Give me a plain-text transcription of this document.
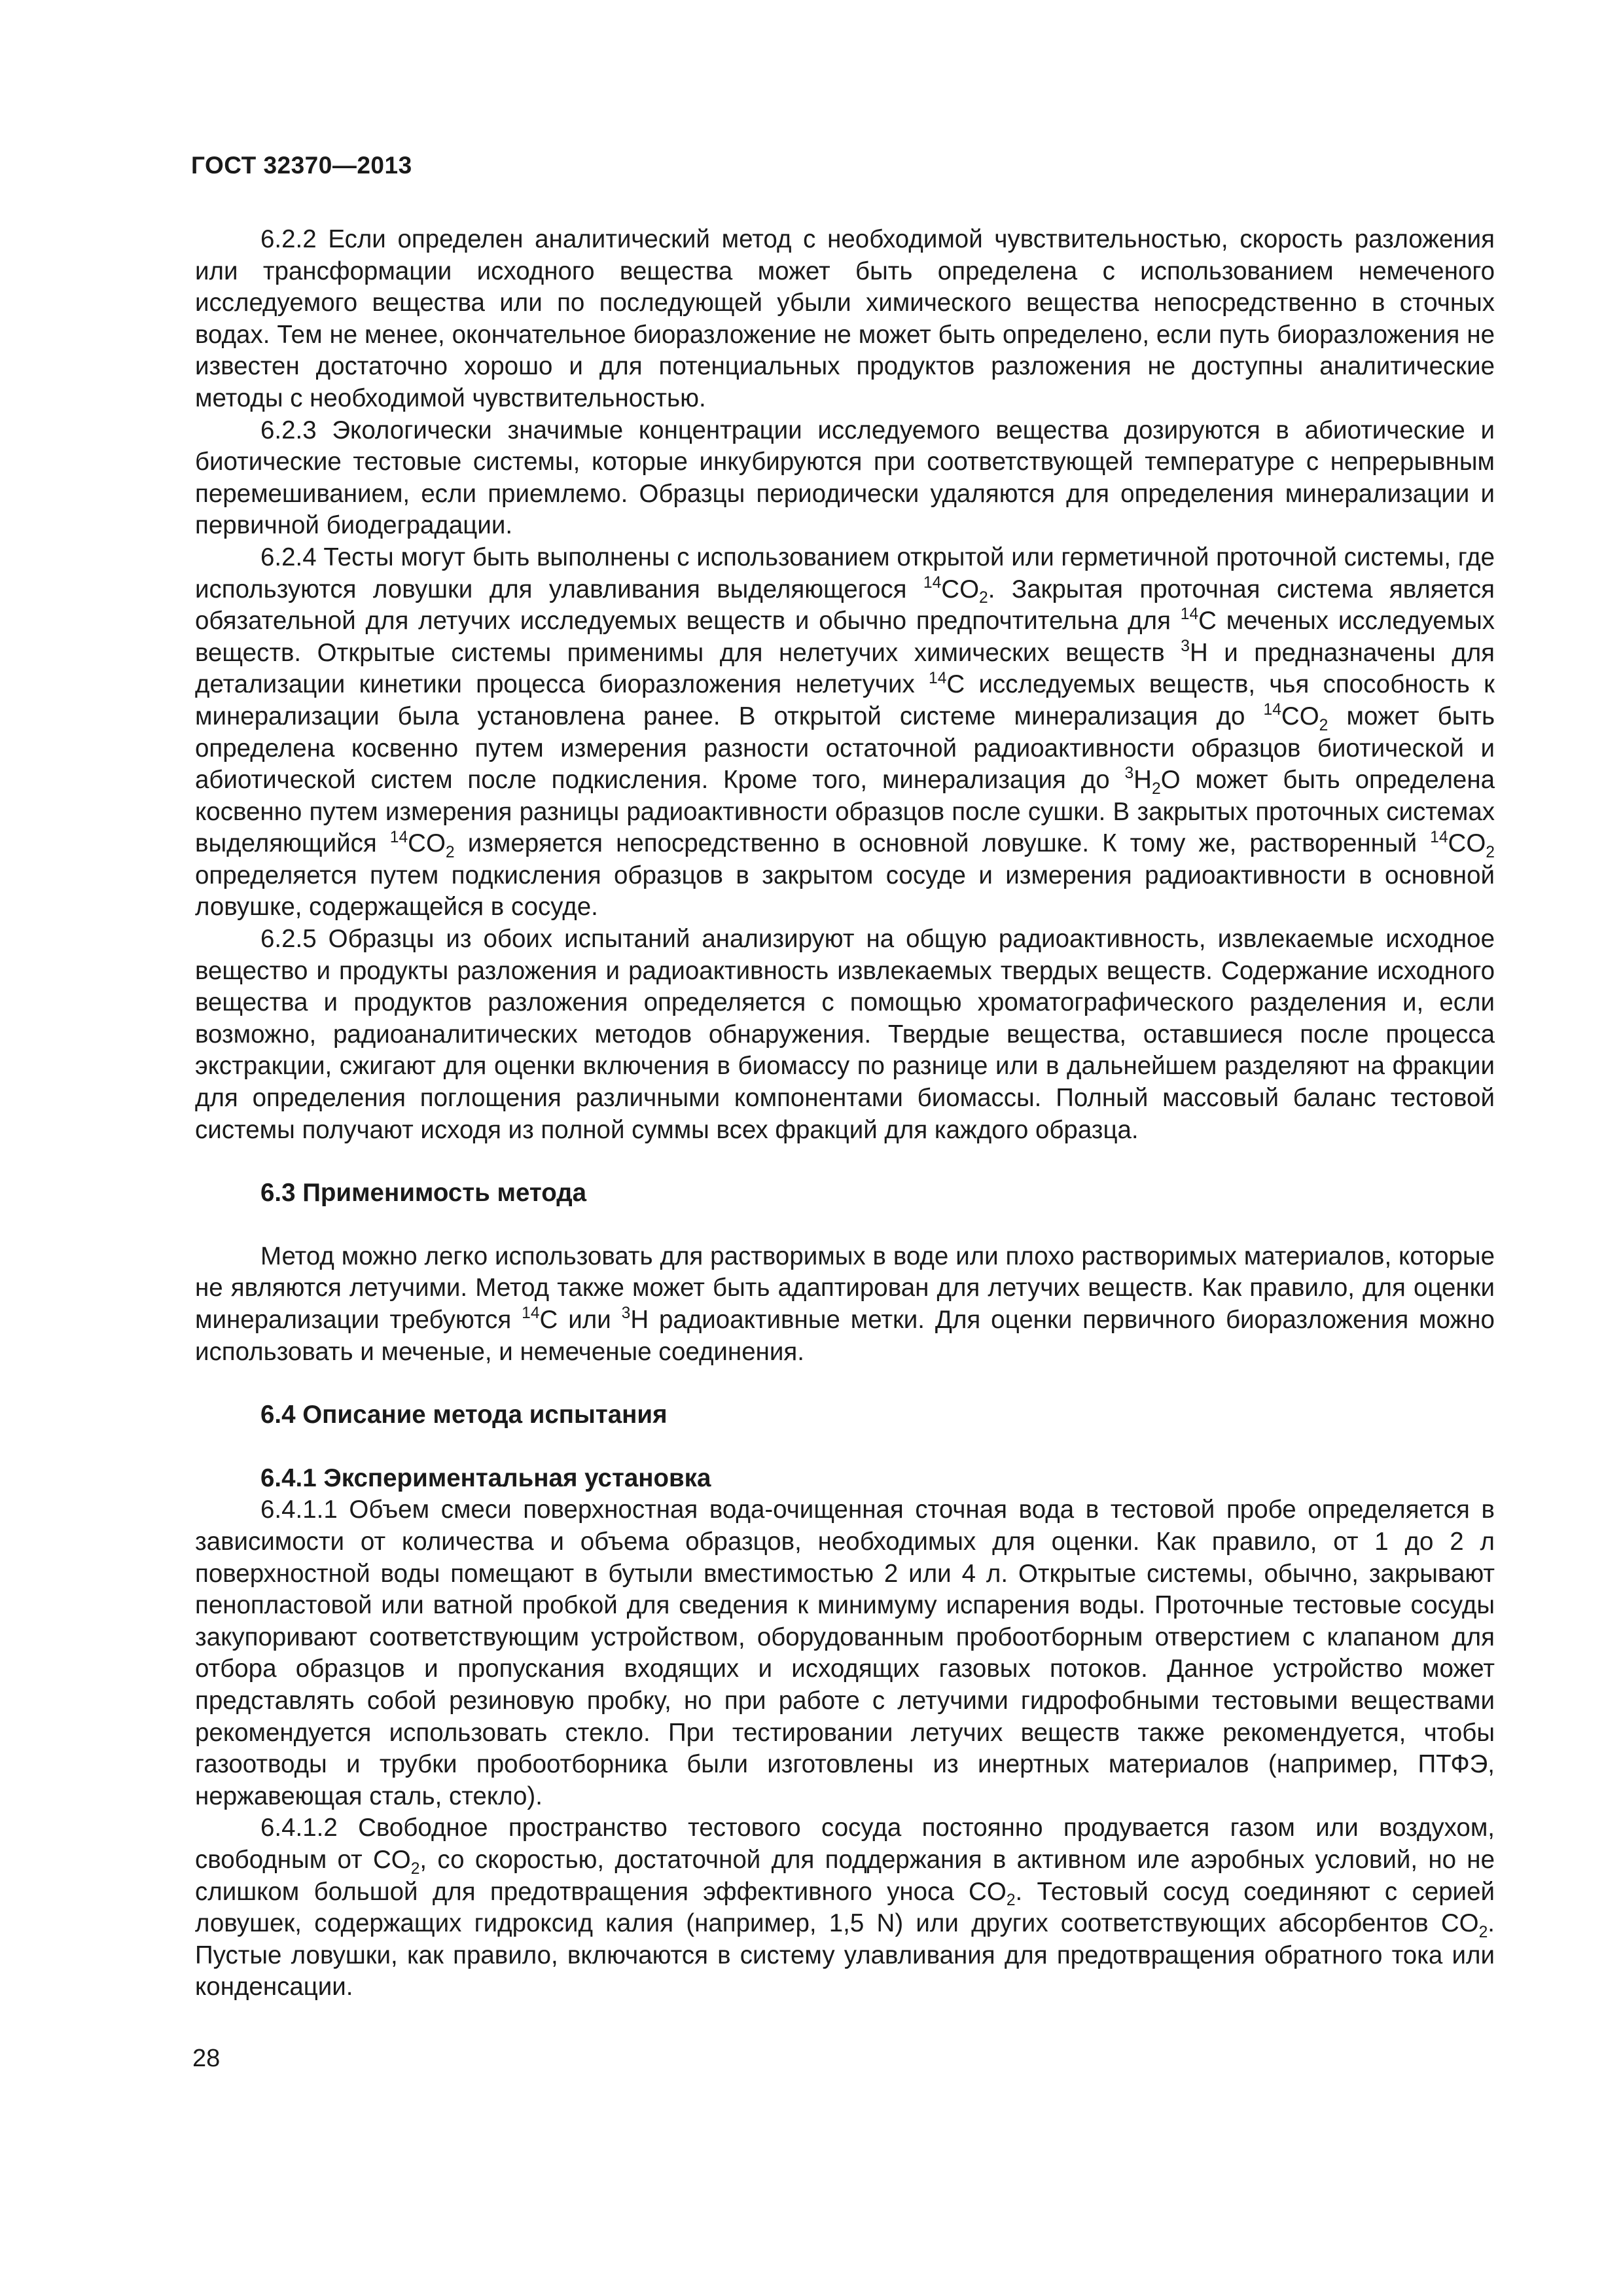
ГОСТ 32370—2013

6.2.2 Если определен аналитический метод с необходимой чувствительностью, скорость разложения или трансформации исходного вещества может быть определена с использованием немеченого исследуемого вещества или по последующей убыли химического вещества непосредственно в сточных водах. Тем не менее, окончательное биоразложение не может быть определено, если путь биоразложения не известен достаточно хорошо и для потенциальных продуктов разложения не доступны аналитические методы с необходимой чувствительностью.

6.2.3 Экологически значимые концентрации исследуемого вещества дозируются в абиотические и биотические тестовые системы, которые инкубируются при соответствующей температуре с непрерывным перемешиванием, если приемлемо. Образцы периодически удаляются для определения минерализации и первичной биодеградации.

6.2.4 Тесты могут быть выполнены с использованием открытой или герметичной проточной системы, где используются ловушки для улавливания выделяющегося $^{14}CO_2$. Закрытая проточная система является обязательной для летучих исследуемых веществ и обычно предпочтительна для $^{14}$C меченых исследуемых веществ. Открытые системы применимы для нелетучих химических веществ $^3$H и предназначены для детализации кинетики процесса биоразложения нелетучих $^{14}$C исследуемых веществ, чья способность к минерализации была установлена ранее. В открытой системе минерализация до $^{14}CO_2$ может быть определена косвенно путем измерения разности остаточной радиоактивности образцов биотической и абиотической систем после подкисления. Кроме того, минерализация до $^3H_2O$ может быть определена косвенно путем измерения разницы радиоактивности образцов после сушки. В закрытых проточных системах выделяющийся $^{14}CO_2$ измеряется непосредственно в основной ловушке. К тому же, растворенный $^{14}CO_2$ определяется путем подкисления образцов в закрытом сосуде и измерения радиоактивности в основной ловушке, содержащейся в сосуде.

6.2.5 Образцы из обоих испытаний анализируют на общую радиоактивность, извлекаемые исходное вещество и продукты разложения и радиоактивность извлекаемых твердых веществ. Содержание исходного вещества и продуктов разложения определяется с помощью хроматографического разделения и, если возможно, радиоаналитических методов обнаружения. Твердые вещества, оставшиеся после процесса экстракции, сжигают для оценки включения в биомассу по разнице или в дальнейшем разделяют на фракции для определения поглощения различными компонентами биомассы. Полный массовый баланс тестовой системы получают исходя из полной суммы всех фракций для каждого образца.

6.3 Применимость метода

Метод можно легко использовать для растворимых в воде или плохо растворимых материалов, которые не являются летучими. Метод также может быть адаптирован для летучих веществ. Как правило, для оценки минерализации требуются $^{14}$C или $^3$H радиоактивные метки. Для оценки первичного биоразложения можно использовать и меченые, и немеченые соединения.

6.4 Описание метода испытания
6.4.1 Экспериментальная установка

6.4.1.1 Объем смеси поверхностная вода-очищенная сточная вода в тестовой пробе определяется в зависимости от количества и объема образцов, необходимых для оценки. Как правило, от 1 до 2 л поверхностной воды помещают в бутыли вместимостью 2 или 4 л. Открытые системы, обычно, закрывают пенопластовой или ватной пробкой для сведения к минимуму испарения воды. Проточные тестовые сосуды закупоривают соответствующим устройством, оборудованным пробоотборным отверстием с клапаном для отбора образцов и пропускания входящих и исходящих газовых потоков. Данное устройство может представлять собой резиновую пробку, но при работе с летучими гидрофобными тестовыми веществами рекомендуется использовать стекло. При тестировании летучих веществ также рекомендуется, чтобы газоотводы и трубки пробоотборника были изготовлены из инертных материалов (например, ПТФЭ, нержавеющая сталь, стекло).

6.4.1.2 Свободное пространство тестового сосуда постоянно продувается газом или воздухом, свободным от $CO_2$, со скоростью, достаточной для поддержания в активном иле аэробных условий, но не слишком большой для предотвращения эффективного уноса $CO_2$. Тестовый сосуд соединяют с серией ловушек, содержащих гидроксид калия (например, 1,5 N) или других соответствующих абсорбентов $CO_2$. Пустые ловушки, как правило, включаются в систему улавливания для предотвращения обратного тока или конденсации.

28
